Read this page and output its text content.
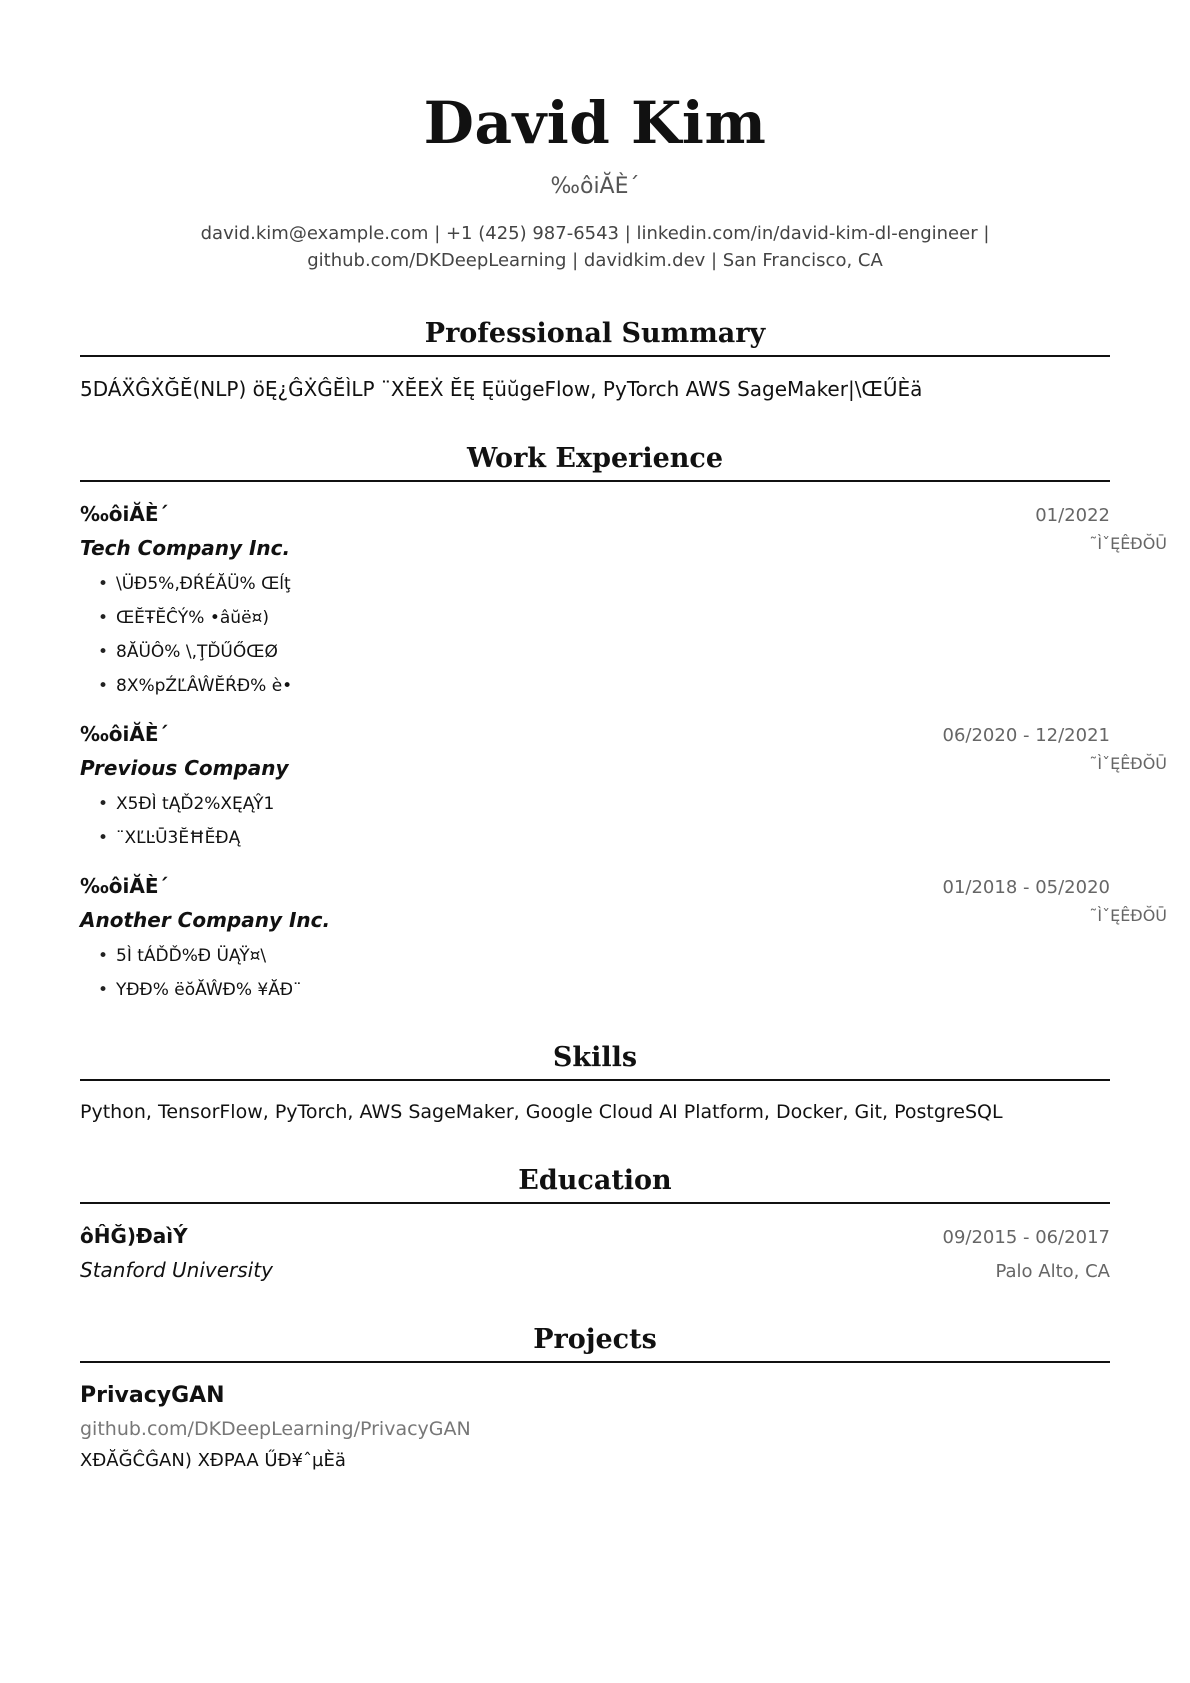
David Kim
‰ôiĂÈ´
david.kim@example.com | +1 (425) 987-6543 | linkedin.com/in/david-kim-dl-engineer |
github.com/DKDeepLearning | davidkim.dev | San Francisco, CA
Professional Summary
5DÁẌĜẊĞĔ(NLP) öĘ¿ĜẊĜĔÌLP ¨XĔEẊ ĔĘ ĘüŭgeFlow, PyTorch AWS SageMaker|\ŒŰÈä
Work Experience
‰ôiĂÈ´	01/2022
Tech Company Inc.	˜ÌˇĘÊĐŎŪ
• \ÜĐ5%‚ĐŔÉĂÜ% Œĺţ
• ŒĔŦĔĈÝ% •âŭë¤)
• 8ĂÜÔ% \‚ŢĎŰŐŒØ
• 8X%pŹĽÂŴĔŔĐ% è•
‰ôiĂÈ´	06/2020 - 12/2021
Previous Company	˜ÌˇĘÊĐŎŪ
• X5ĐÌ tĄĎ2%XĘĄŶ1
• ¨XĽĿŪ3ĔĦĔĐĄ
‰ôiĂÈ´	01/2018 - 05/2020
Another Company Inc.	˜ÌˇĘÊĐŎŪ
• 5Ì tÁĎĎ%Ð ÜĄŸ¤\
• YĐĐ% ëŏĂŴĐ% ¥ĂÐ¨
Skills
Python, TensorFlow, PyTorch, AWS SageMaker, Google Cloud AI Platform, Docker, Git, PostgreSQL
Education
ôĤĞ)ĐaìÝ	09/2015 - 06/2017
Stanford University	Palo Alto, CA
Projects
PrivacyGAN
github.com/DKDeepLearning/PrivacyGAN
XĐĂĞĈĜAN) XĐPAA ŰĐ¥ˆµÈä
